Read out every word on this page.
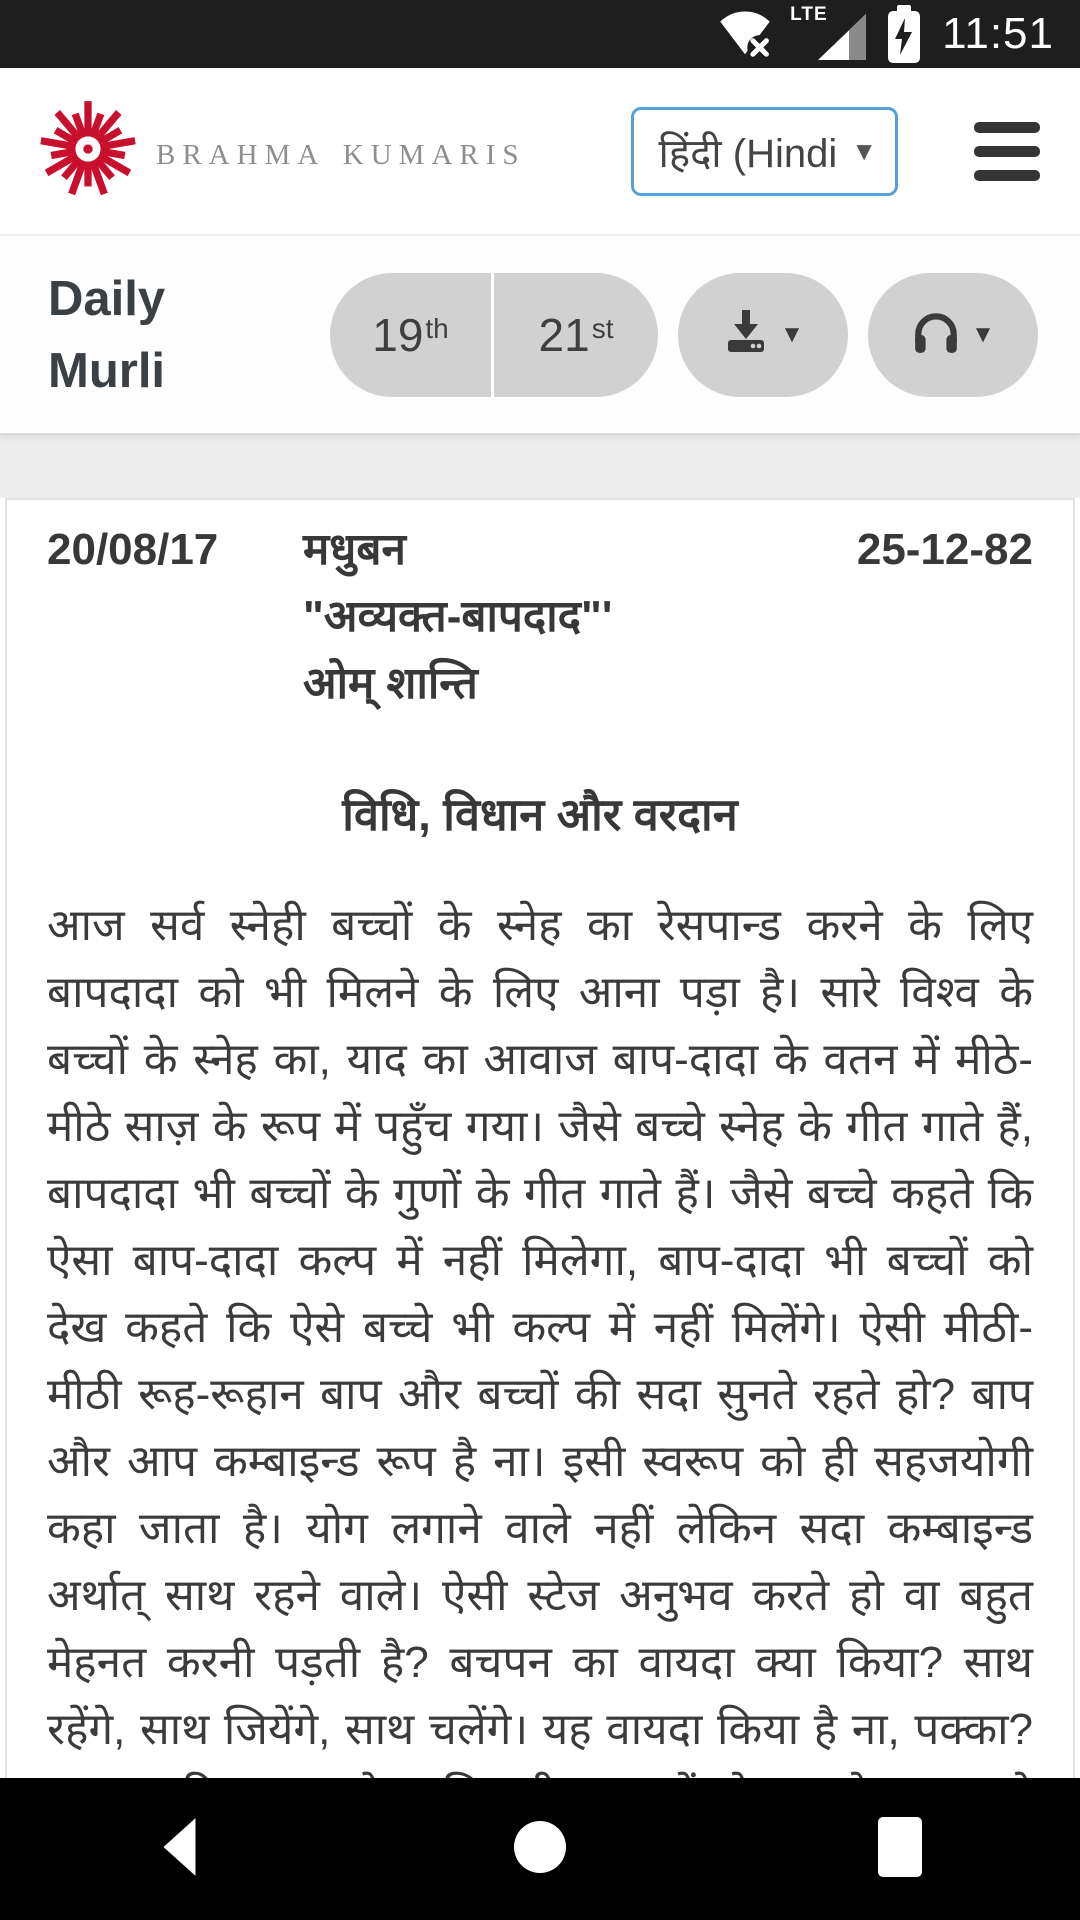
LTE	11:51
brahma kumaris	हिंदी (Hindi ▼
Daily Murli
19th 21st	▼	▼
20/08/17	मधुबन
"अव्यक्त-बापदाद"'
ओम् शान्ति
25-12-82
विधि, विधान और वरदान
आज सर्व स्नेही बच्चों के स्नेह का रेसपान्ड करने के लिए
बापदादा को भी मिलने के लिए आना पड़ा है। सारे विश्व के
बच्चों के स्नेह का, याद का आवाज बाप-दादा के वतन में मीठे-
मीठे साज़ के रूप में पहुँच गया। जैसे बच्चे स्नेह के गीत गाते हैं,
बापदादा भी बच्चों के गुणों के गीत गाते हैं। जैसे बच्चे कहते कि
ऐसा बाप-दादा कल्प में नहीं मिलेगा, बाप-दादा भी बच्चों को
देख कहते कि ऐसे बच्चे भी कल्प में नहीं मिलेंगे। ऐसी मीठी-
मीठी रूह-रूहान बाप और बच्चों की सदा सुनते रहते हो? बाप
और आप कम्बाइन्ड रूप है ना। इसी स्वरूप को ही सहजयोगी
कहा जाता है। योग लगाने वाले नहीं लेकिन सदा कम्बाइन्ड
अर्थात् साथ रहने वाले। ऐसी स्टेज अनुभव करते हो वा बहुत
मेहनत करनी पड़ती है? बचपन का वायदा क्या किया? साथ
रहेंगे, साथ जियेंगे, साथ चलेंगे। यह वायदा किया है ना, पक्का?
